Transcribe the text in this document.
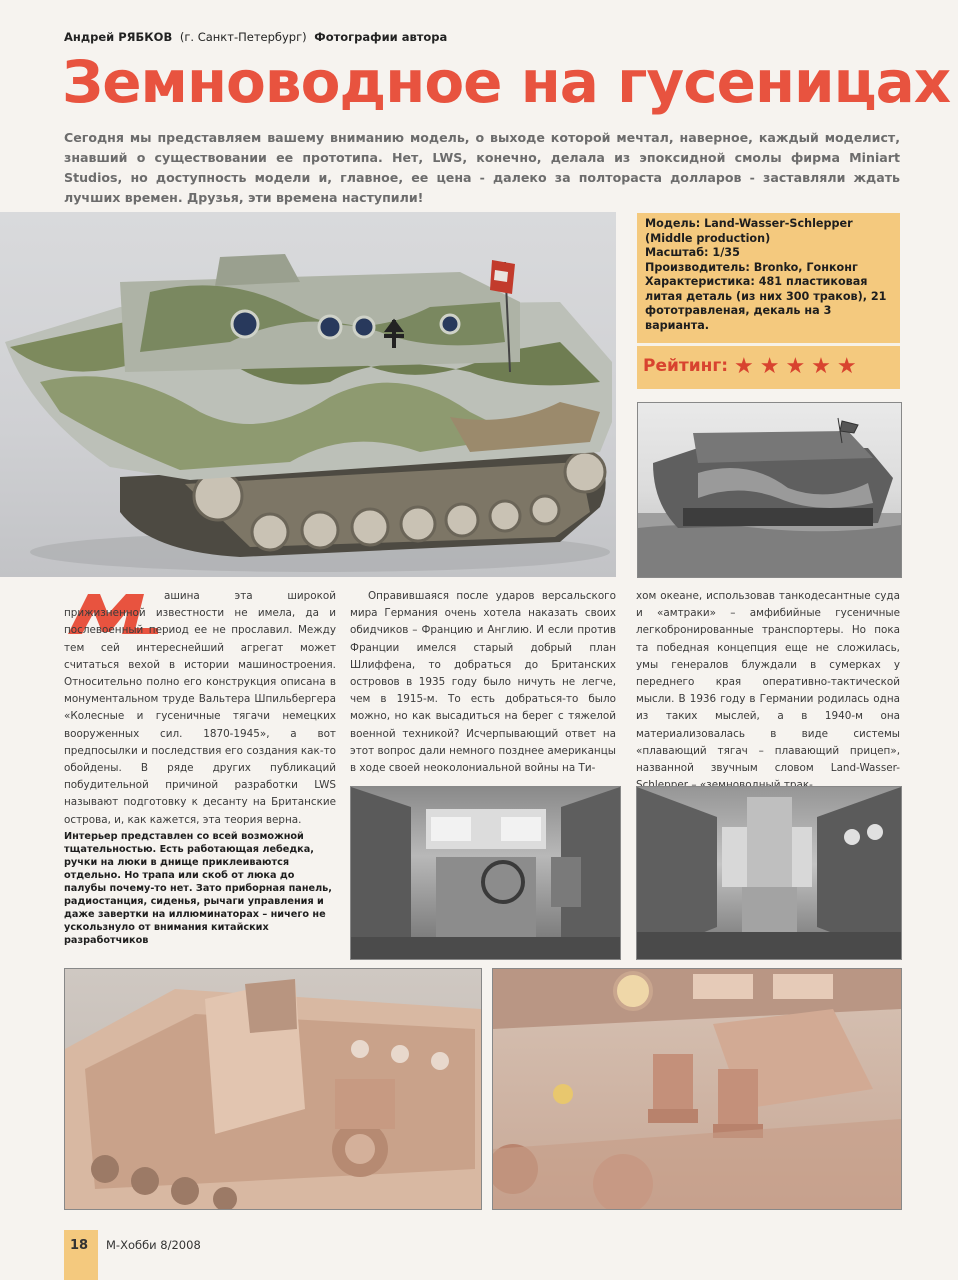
Андрей РЯБКОВ (г. Санкт-Петербург) Фотографии автора
Земноводное на гусеницах
Сегодня мы представляем вашему вниманию модель, о выходе которой мечтал, наверное, каждый моделист, знавший о существовании ее прототипа. Нет, LWS, конечно, делала из эпоксидной смолы фирма Miniart Studios, но доступность модели и, главное, ее цена - далеко за полтораста долларов - заставляли ждать лучших времен. Друзья, эти времена наступили!
Модель: Land-Wasser-Schlepper (Middle production)
Масштаб: 1/35
Производитель: Bronko, Гонконг
Характеристика: 481 пластиковая литая деталь (из них 300 траков), 21 фототравленая, декаль на 3 варианта.
Рейтинг: ★★★★★

ашина эта широкой прижизненной известности не имела, да и послевоенный период ее не прославил. Между тем сей интереснейший агрегат может считаться вехой в истории машиностроения. Относительно полно его конструкция описана в монументальном труде Вальтера Шпильбергера «Колесные и гусеничные тягачи немецких вооруженных сил. 1870-1945», а вот предпосылки и последствия его создания как-то обойдены. В ряде других публикаций побудительной причиной разработки LWS называют подготовку к десанту на Британские острова, и, как кажется, эта теория верна.

Оправившаяся после ударов версальского мира Германия очень хотела наказать своих обидчиков – Францию и Англию. И если против Франции имелся старый добрый план Шлиффена, то добраться до Британских островов в 1935 году было ничуть не легче, чем в 1915-м. То есть добраться-то было можно, но как высадиться на берег с тяжелой военной техникой? Исчерпывающий ответ на этот вопрос дали немного позднее американцы в ходе своей неоколониальной войны на Ти-

хом океане, использовав танкодесантные суда и «амтраки» – амфибийные гусеничные легкобронированные транспортеры. Но пока та победная концепция еще не сложилась, умы генералов блуждали в сумерках у переднего края оперативно-тактической мысли. В 1936 году в Германии родилась одна из таких мыслей, а в 1940-м она материализовалась в виде системы «плавающий тягач – плавающий прицеп», названной звучным словом Land-Wasser-

Интерьер представлен со всей возможной тщательностью. Есть работающая лебедка, ручки на люки в днище приклеиваются отдельно. Но трапа или скоб от люка до палубы почему-то нет. Зато приборная панель, радиостанция, сиденья, рычаги управления и даже завертки на иллюминаторах – ничего не ускользнуло от внимания китайских разработчиков
18 М-Хобби 8/2008
